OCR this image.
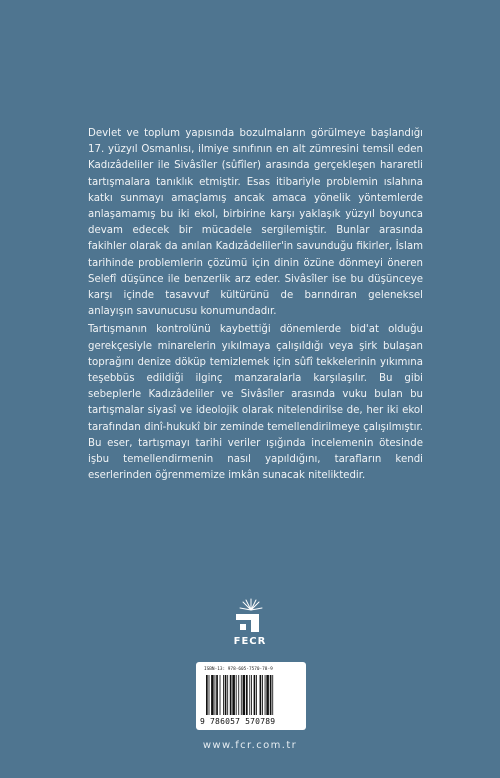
Devlet ve toplum yapısında bozulmaların görülmeye başlandığı 17. yüzyıl Osmanlısı, ilmiye sınıfının en alt zümresini temsil eden Kadızâdeliler ile Sivâsîler (sûfîler) arasında gerçekleşen hararetli tartışmalara tanıklık etmiştir. Esas itibariyle problemin ıslahına katkı sunmayı amaçlamış ancak amaca yönelik yöntemlerde anlaşamamış bu iki ekol, birbirine karşı yaklaşık yüzyıl boyunca devam edecek bir mücadele sergilemiştir. Bunlar arasında fakihler olarak da anılan Kadızâdeliler'in savunduğu fikirler, İslam tarihinde problemlerin çözümü için dinin özüne dönmeyi öneren Selefî düşünce ile benzerlik arz eder. Sivâsîler ise bu düşünceye karşı içinde tasavvuf kültürünü de barındıran geleneksel anlayışın savunucusu konumundadır.

Tartışmanın kontrolünü kaybettiği dönemlerde bid'at olduğu gerekçesiyle minarelerin yıkılmaya çalışıldığı veya şirk bulaşan toprağını denize döküp temizlemek için sûfî tekkelerinin yıkımına teşebbüs edildiği ilginç manzaralarla karşılaşılır. Bu gibi sebeplerle Kadızâdeliler ve Sivâsîler arasında vuku bulan bu tartışmalar siyasî ve ideolojik olarak nitelendirilse de, her iki ekol tarafından dinî-hukukî bir zeminde temellendirilmeye çalışılmıştır. Bu eser, tartışmayı tarihi veriler ışığında incelemenin ötesinde işbu temellendirmenin nasıl yapıldığını, tarafların kendi eserlerinden öğrenmemize imkân sunacak niteliktedir.

FECR
ISBN-13: 978-605-7570-78-9
9 786057 570789
www.fcr.com.tr
